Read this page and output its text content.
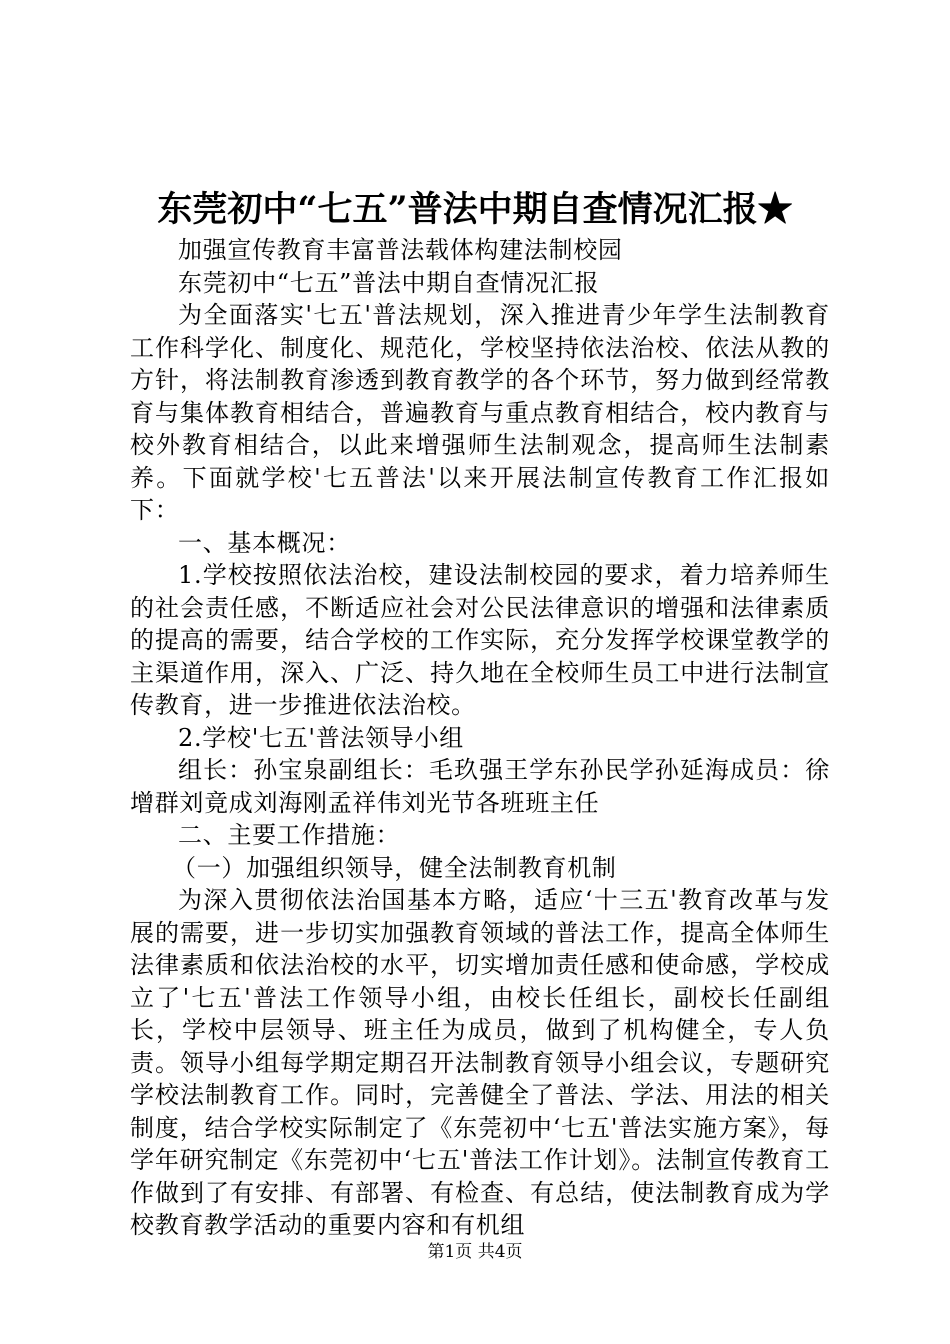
东莞初中“七五”普法中期自查情况汇报★

加强宣传教育丰富普法载体构建法制校园

东莞初中“七五”普法中期自查情况汇报

为全面落实'七五'普法规划，深入推进青少年学生法制教育工作科学化、制度化、规范化，学校坚持依法治校、依法从教的方针，将法制教育渗透到教育教学的各个环节，努力做到经常教育与集体教育相结合，普遍教育与重点教育相结合，校内教育与校外教育相结合，以此来增强师生法制观念，提高师生法制素养。下面就学校'七五普法'以来开展法制宣传教育工作汇报如下：

一、基本概况：

1.学校按照依法治校，建设法制校园的要求，着力培养师生的社会责任感，不断适应社会对公民法律意识的增强和法律素质的提高的需要，结合学校的工作实际，充分发挥学校课堂教学的主渠道作用，深入、广泛、持久地在全校师生员工中进行法制宣传教育，进一步推进依法治校。

2.学校'七五'普法领导小组

组长：孙宝泉副组长：毛玖强王学东孙民学孙延海成员：徐增群刘竟成刘海刚孟祥伟刘光节各班班主任

二、主要工作措施：

（一）加强组织领导，健全法制教育机制

为深入贯彻依法治国基本方略，适应‘十三五'教育改革与发展的需要，进一步切实加强教育领域的普法工作，提高全体师生法律素质和依法治校的水平，切实增加责任感和使命感，学校成立了'七五'普法工作领导小组，由校长任组长，副校长任副组长，学校中层领导、班主任为成员，做到了机构健全，专人负责。领导小组每学期定期召开法制教育领导小组会议，专题研究学校法制教育工作。同时，完善健全了普法、学法、用法的相关制度，结合学校实际制定了《东莞初中‘七五'普法实施方案》，每学年研究制定《东莞初中‘七五'普法工作计划》。法制宣传教育工作做到了有安排、有部署、有检查、有总结，使法制教育成为学校教育教学活动的重要内容和有机组

第1页 共4页
